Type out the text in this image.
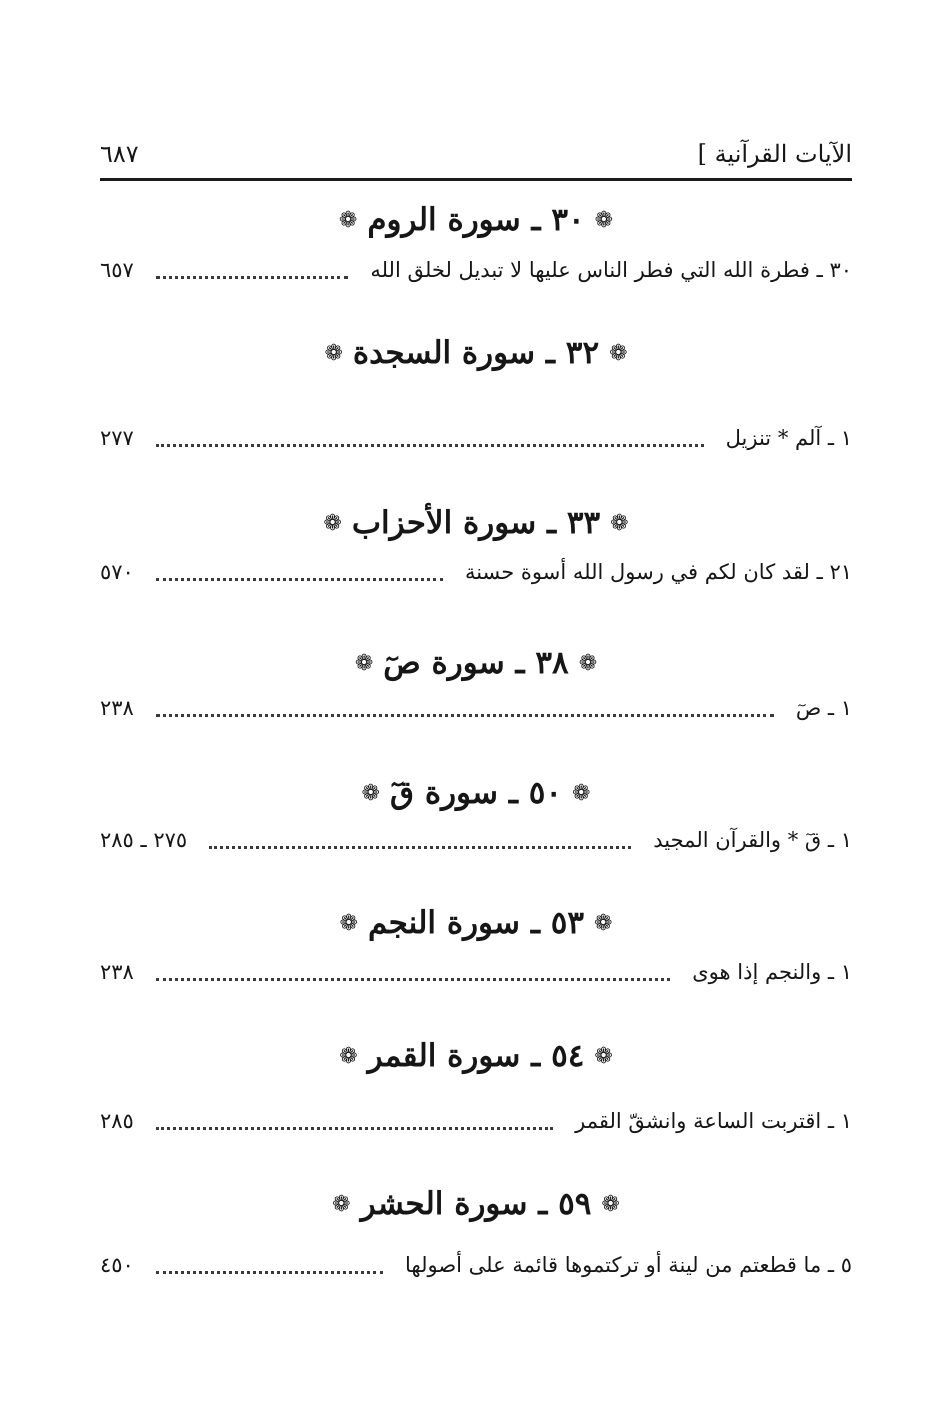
الآيات القرآنية ]
٦٨٧
❁٣٠ ـ سورة الروم❁
٣٠ ـ فطرة الله التي فطر الناس عليها لا تبديل لخلق الله
٦٥٧
❁٣٢ ـ سورة السجدة❁
١ ـ آلم * تنزيل
٢٧٧
❁٣٣ ـ سورة الأحزاب❁
٢١ ـ لقد كان لكم في رسول الله أسوة حسنة
٥٧٠
❁٣٨ ـ سورة صٓ❁
١ ـ صٓ
٢٣٨
❁٥٠ ـ سورة قٓ❁
١ ـ قٓ * والقرآن المجيد
٢٧٥ ـ ٢٨٥
❁٥٣ ـ سورة النجم❁
١ ـ والنجم إذا هوى
٢٣٨
❁٥٤ ـ سورة القمر❁
١ ـ اقتربت الساعة وانشقّ القمر
٢٨٥
❁٥٩ ـ سورة الحشر❁
٥ ـ ما قطعتم من لينة أو تركتموها قائمة على أصولها
٤٥٠
